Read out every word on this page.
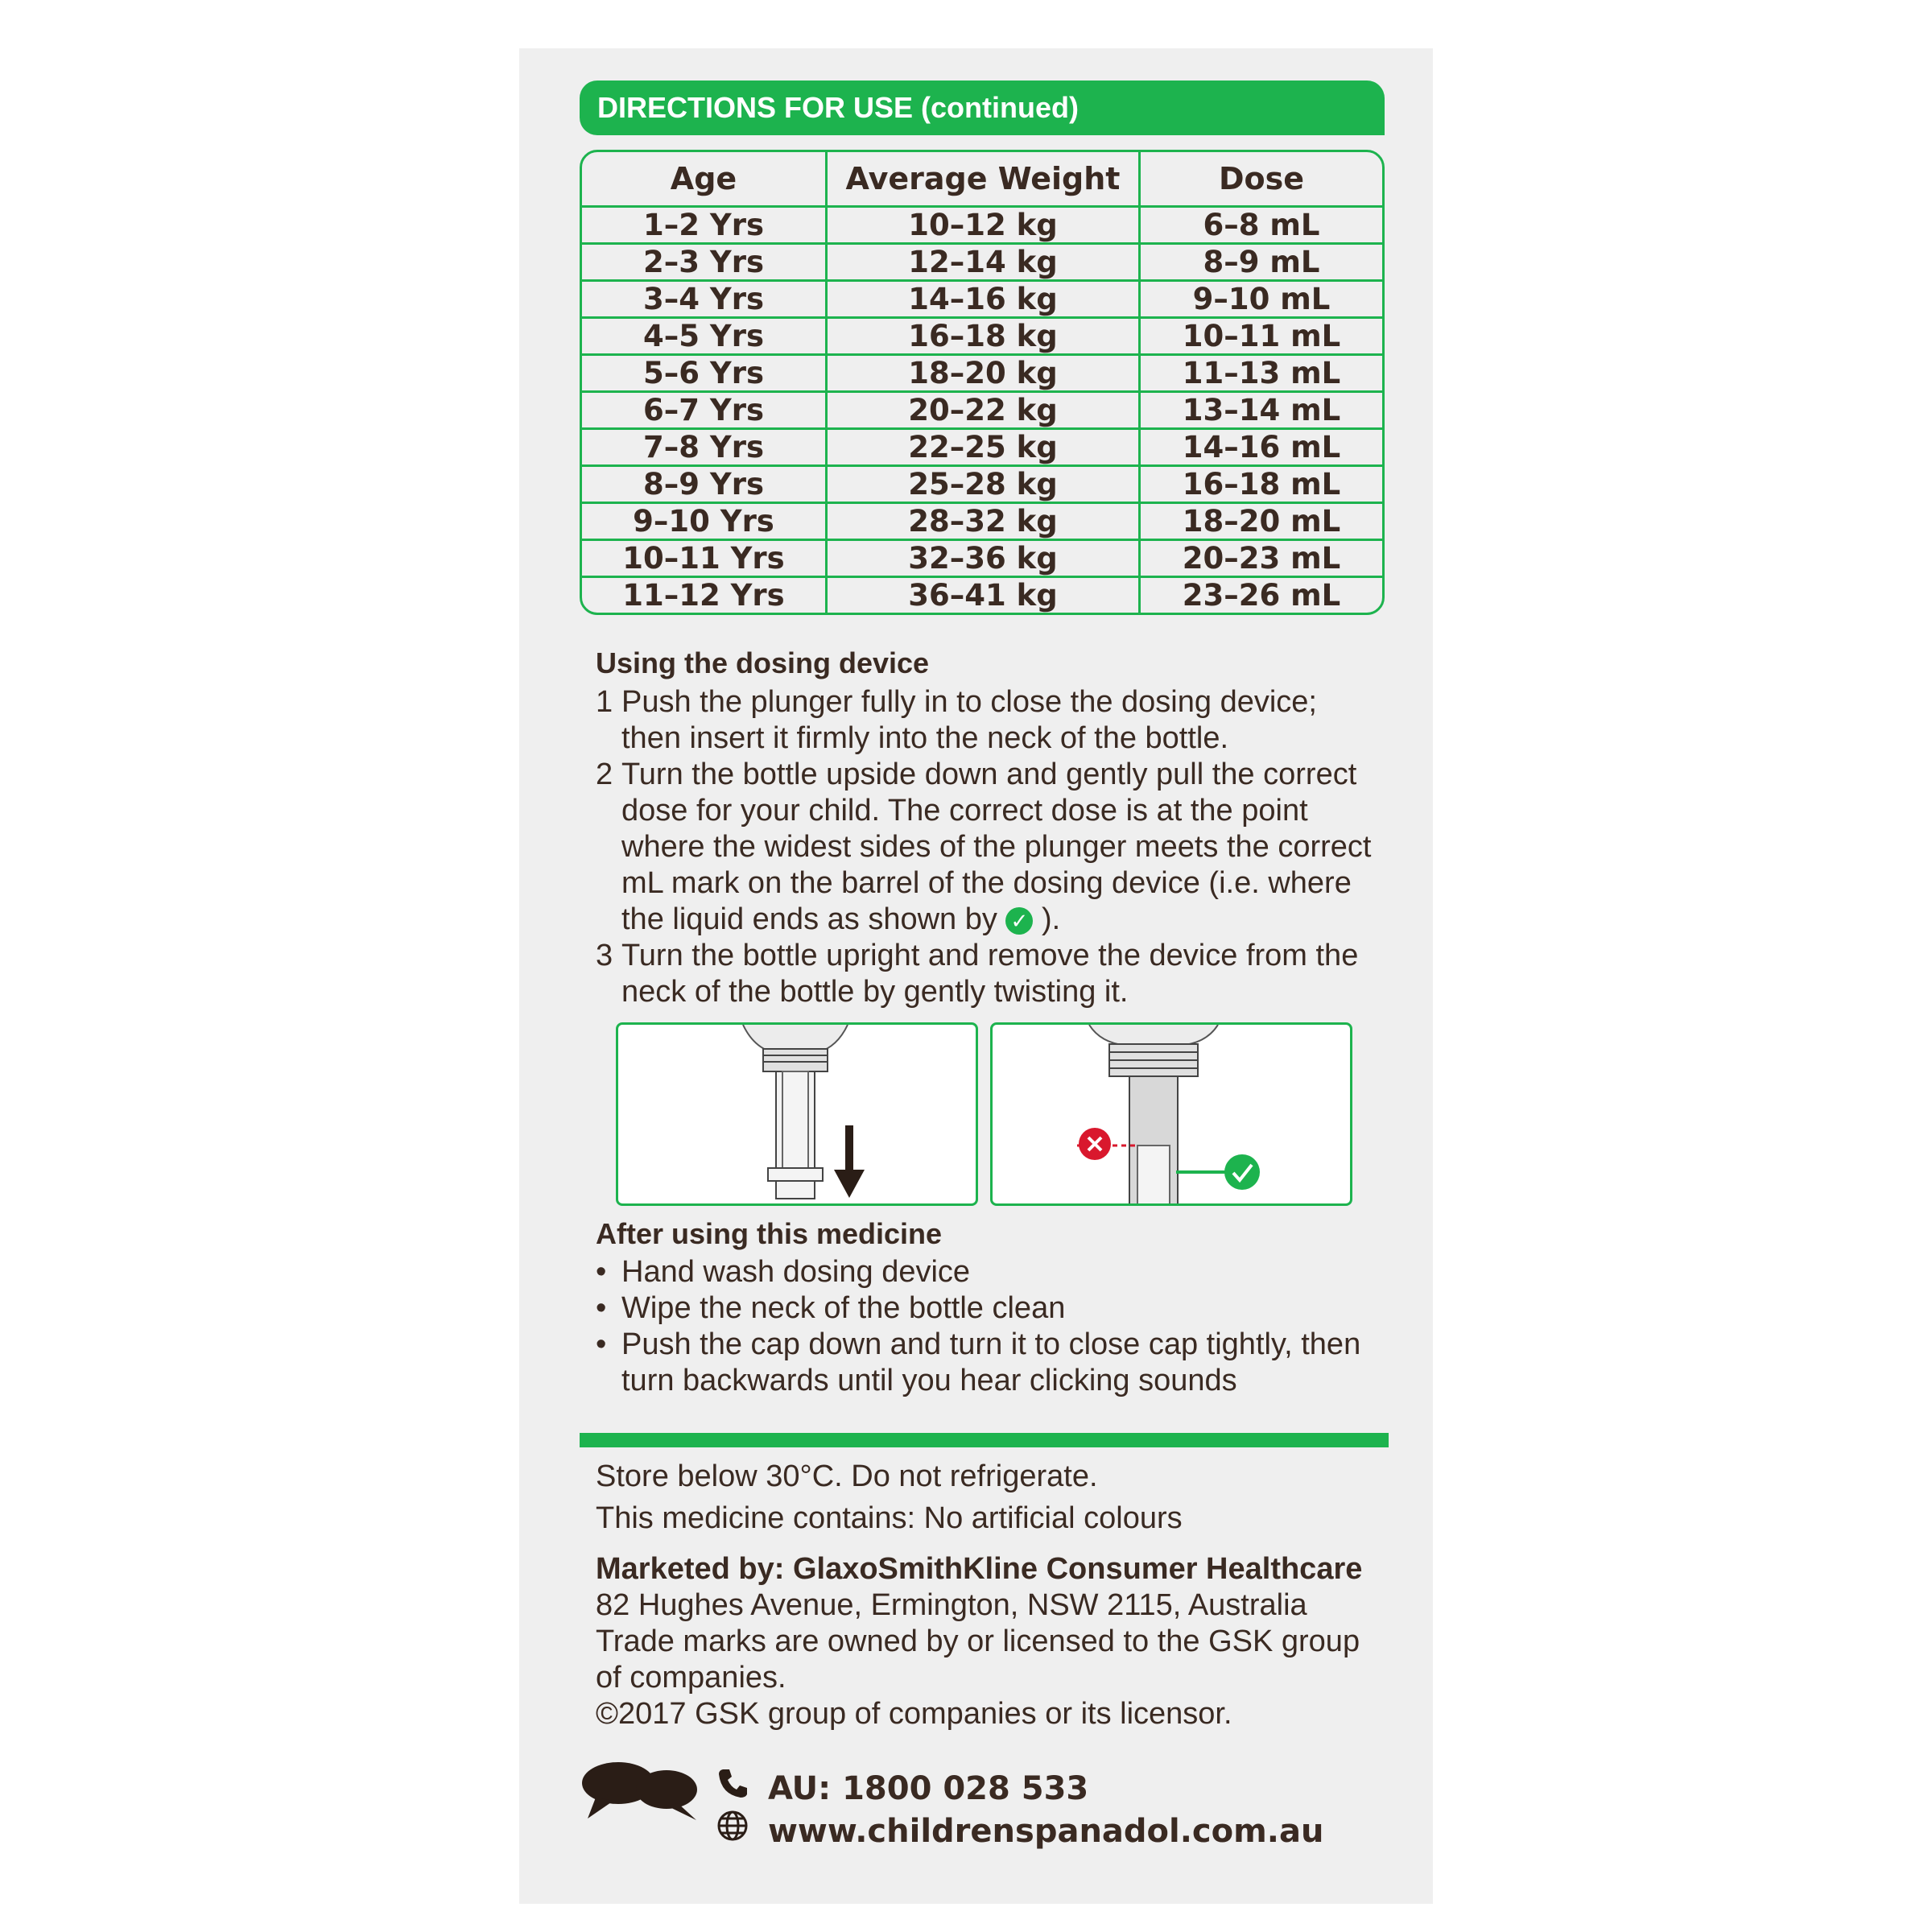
DIRECTIONS FOR USE (continued)
Age	Average Weight	Dose
1–2 Yrs	10–12 kg	6–8 mL
2–3 Yrs	12–14 kg	8–9 mL
3–4 Yrs	14–16 kg	9–10 mL
4–5 Yrs	16–18 kg	10–11 mL
5–6 Yrs	18–20 kg	11–13 mL
6–7 Yrs	20–22 kg	13–14 mL
7–8 Yrs	22–25 kg	14–16 mL
8–9 Yrs	25–28 kg	16–18 mL
9–10 Yrs	28–32 kg	18–20 mL
10–11 Yrs	32–36 kg	20–23 mL
11–12 Yrs	36–41 kg	23–26 mL
Using the dosing device
1 Push the plunger fully in to close the dosing device; then insert it firmly into the neck of the bottle.
2 Turn the bottle upside down and gently pull the correct dose for your child. The correct dose is at the point where the widest sides of the plunger meets the correct mL mark on the barrel of the dosing device (i.e. where the liquid ends as shown by ✓ ).
3 Turn the bottle upright and remove the device from the neck of the bottle by gently twisting it.
After using this medicine
• Hand wash dosing device
• Wipe the neck of the bottle clean
• Push the cap down and turn it to close cap tightly, then turn backwards until you hear clicking sounds
Store below 30°C. Do not refrigerate.
This medicine contains: No artificial colours
Marketed by: GlaxoSmithKline Consumer Healthcare
82 Hughes Avenue, Ermington, NSW 2115, Australia
Trade marks are owned by or licensed to the GSK group of companies.
©2017 GSK group of companies or its licensor.
AU: 1800 028 533
www.childrenspanadol.com.au
